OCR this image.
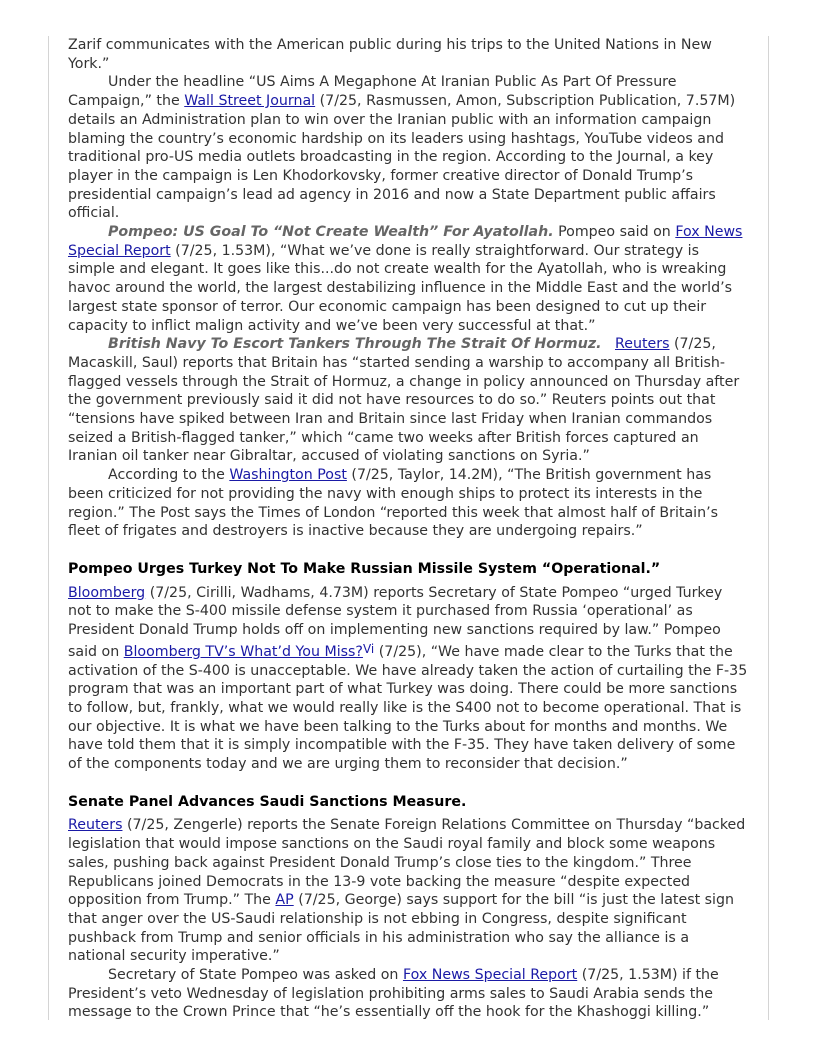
Zarif communicates with the American public during his trips to the United Nations in New York.”

Under the headline “US Aims A Megaphone At Iranian Public As Part Of Pressure Campaign,” the Wall Street Journal (7/25, Rasmussen, Amon, Subscription Publication, 7.57M) details an Administration plan to win over the Iranian public with an information campaign blaming the country’s economic hardship on its leaders using hashtags, YouTube videos and traditional pro-US media outlets broadcasting in the region. According to the Journal, a key player in the campaign is Len Khodorkovsky, former creative director of Donald Trump’s presidential campaign’s lead ad agency in 2016 and now a State Department public affairs official.

Pompeo: US Goal To “Not Create Wealth” For Ayatollah. Pompeo said on Fox News Special Report (7/25, 1.53M), “What we’ve done is really straightforward. Our strategy is simple and elegant. It goes like this...do not create wealth for the Ayatollah, who is wreaking havoc around the world, the largest destabilizing influence in the Middle East and the world’s largest state sponsor of terror. Our economic campaign has been designed to cut up their capacity to inflict malign activity and we’ve been very successful at that.”

British Navy To Escort Tankers Through The Strait Of Hormuz. Reuters (7/25, Macaskill, Saul) reports that Britain has “started sending a warship to accompany all British-flagged vessels through the Strait of Hormuz, a change in policy announced on Thursday after the government previously said it did not have resources to do so.” Reuters points out that “tensions have spiked between Iran and Britain since last Friday when Iranian commandos seized a British-flagged tanker,” which “came two weeks after British forces captured an Iranian oil tanker near Gibraltar, accused of violating sanctions on Syria.”

According to the Washington Post (7/25, Taylor, 14.2M), “The British government has been criticized for not providing the navy with enough ships to protect its interests in the region.” The Post says the Times of London “reported this week that almost half of Britain’s fleet of frigates and destroyers is inactive because they are undergoing repairs.”

Pompeo Urges Turkey Not To Make Russian Missile System “Operational.”

Bloomberg (7/25, Cirilli, Wadhams, 4.73M) reports Secretary of State Pompeo “urged Turkey not to make the S-400 missile defense system it purchased from Russia ‘operational’ as President Donald Trump holds off on implementing new sanctions required by law.” Pompeo said on Bloomberg TV’s What’d You Miss?$^{Vi}$ (7/25), “We have made clear to the Turks that the activation of the S-400 is unacceptable. We have already taken the action of curtailing the F-35 program that was an important part of what Turkey was doing. There could be more sanctions to follow, but, frankly, what we would really like is the S400 not to become operational. That is our objective. It is what we have been talking to the Turks about for months and months. We have told them that it is simply incompatible with the F-35. They have taken delivery of some of the components today and we are urging them to reconsider that decision.”

Senate Panel Advances Saudi Sanctions Measure.

Reuters (7/25, Zengerle) reports the Senate Foreign Relations Committee on Thursday “backed legislation that would impose sanctions on the Saudi royal family and block some weapons sales, pushing back against President Donald Trump’s close ties to the kingdom.” Three Republicans joined Democrats in the 13-9 vote backing the measure “despite expected opposition from Trump.” The AP (7/25, George) says support for the bill “is just the latest sign that anger over the US-Saudi relationship is not ebbing in Congress, despite significant pushback from Trump and senior officials in his administration who say the alliance is a national security imperative.”

Secretary of State Pompeo was asked on Fox News Special Report (7/25, 1.53M) if the President’s veto Wednesday of legislation prohibiting arms sales to Saudi Arabia sends the message to the Crown Prince that “he’s essentially off the hook for the Khashoggi killing.”
